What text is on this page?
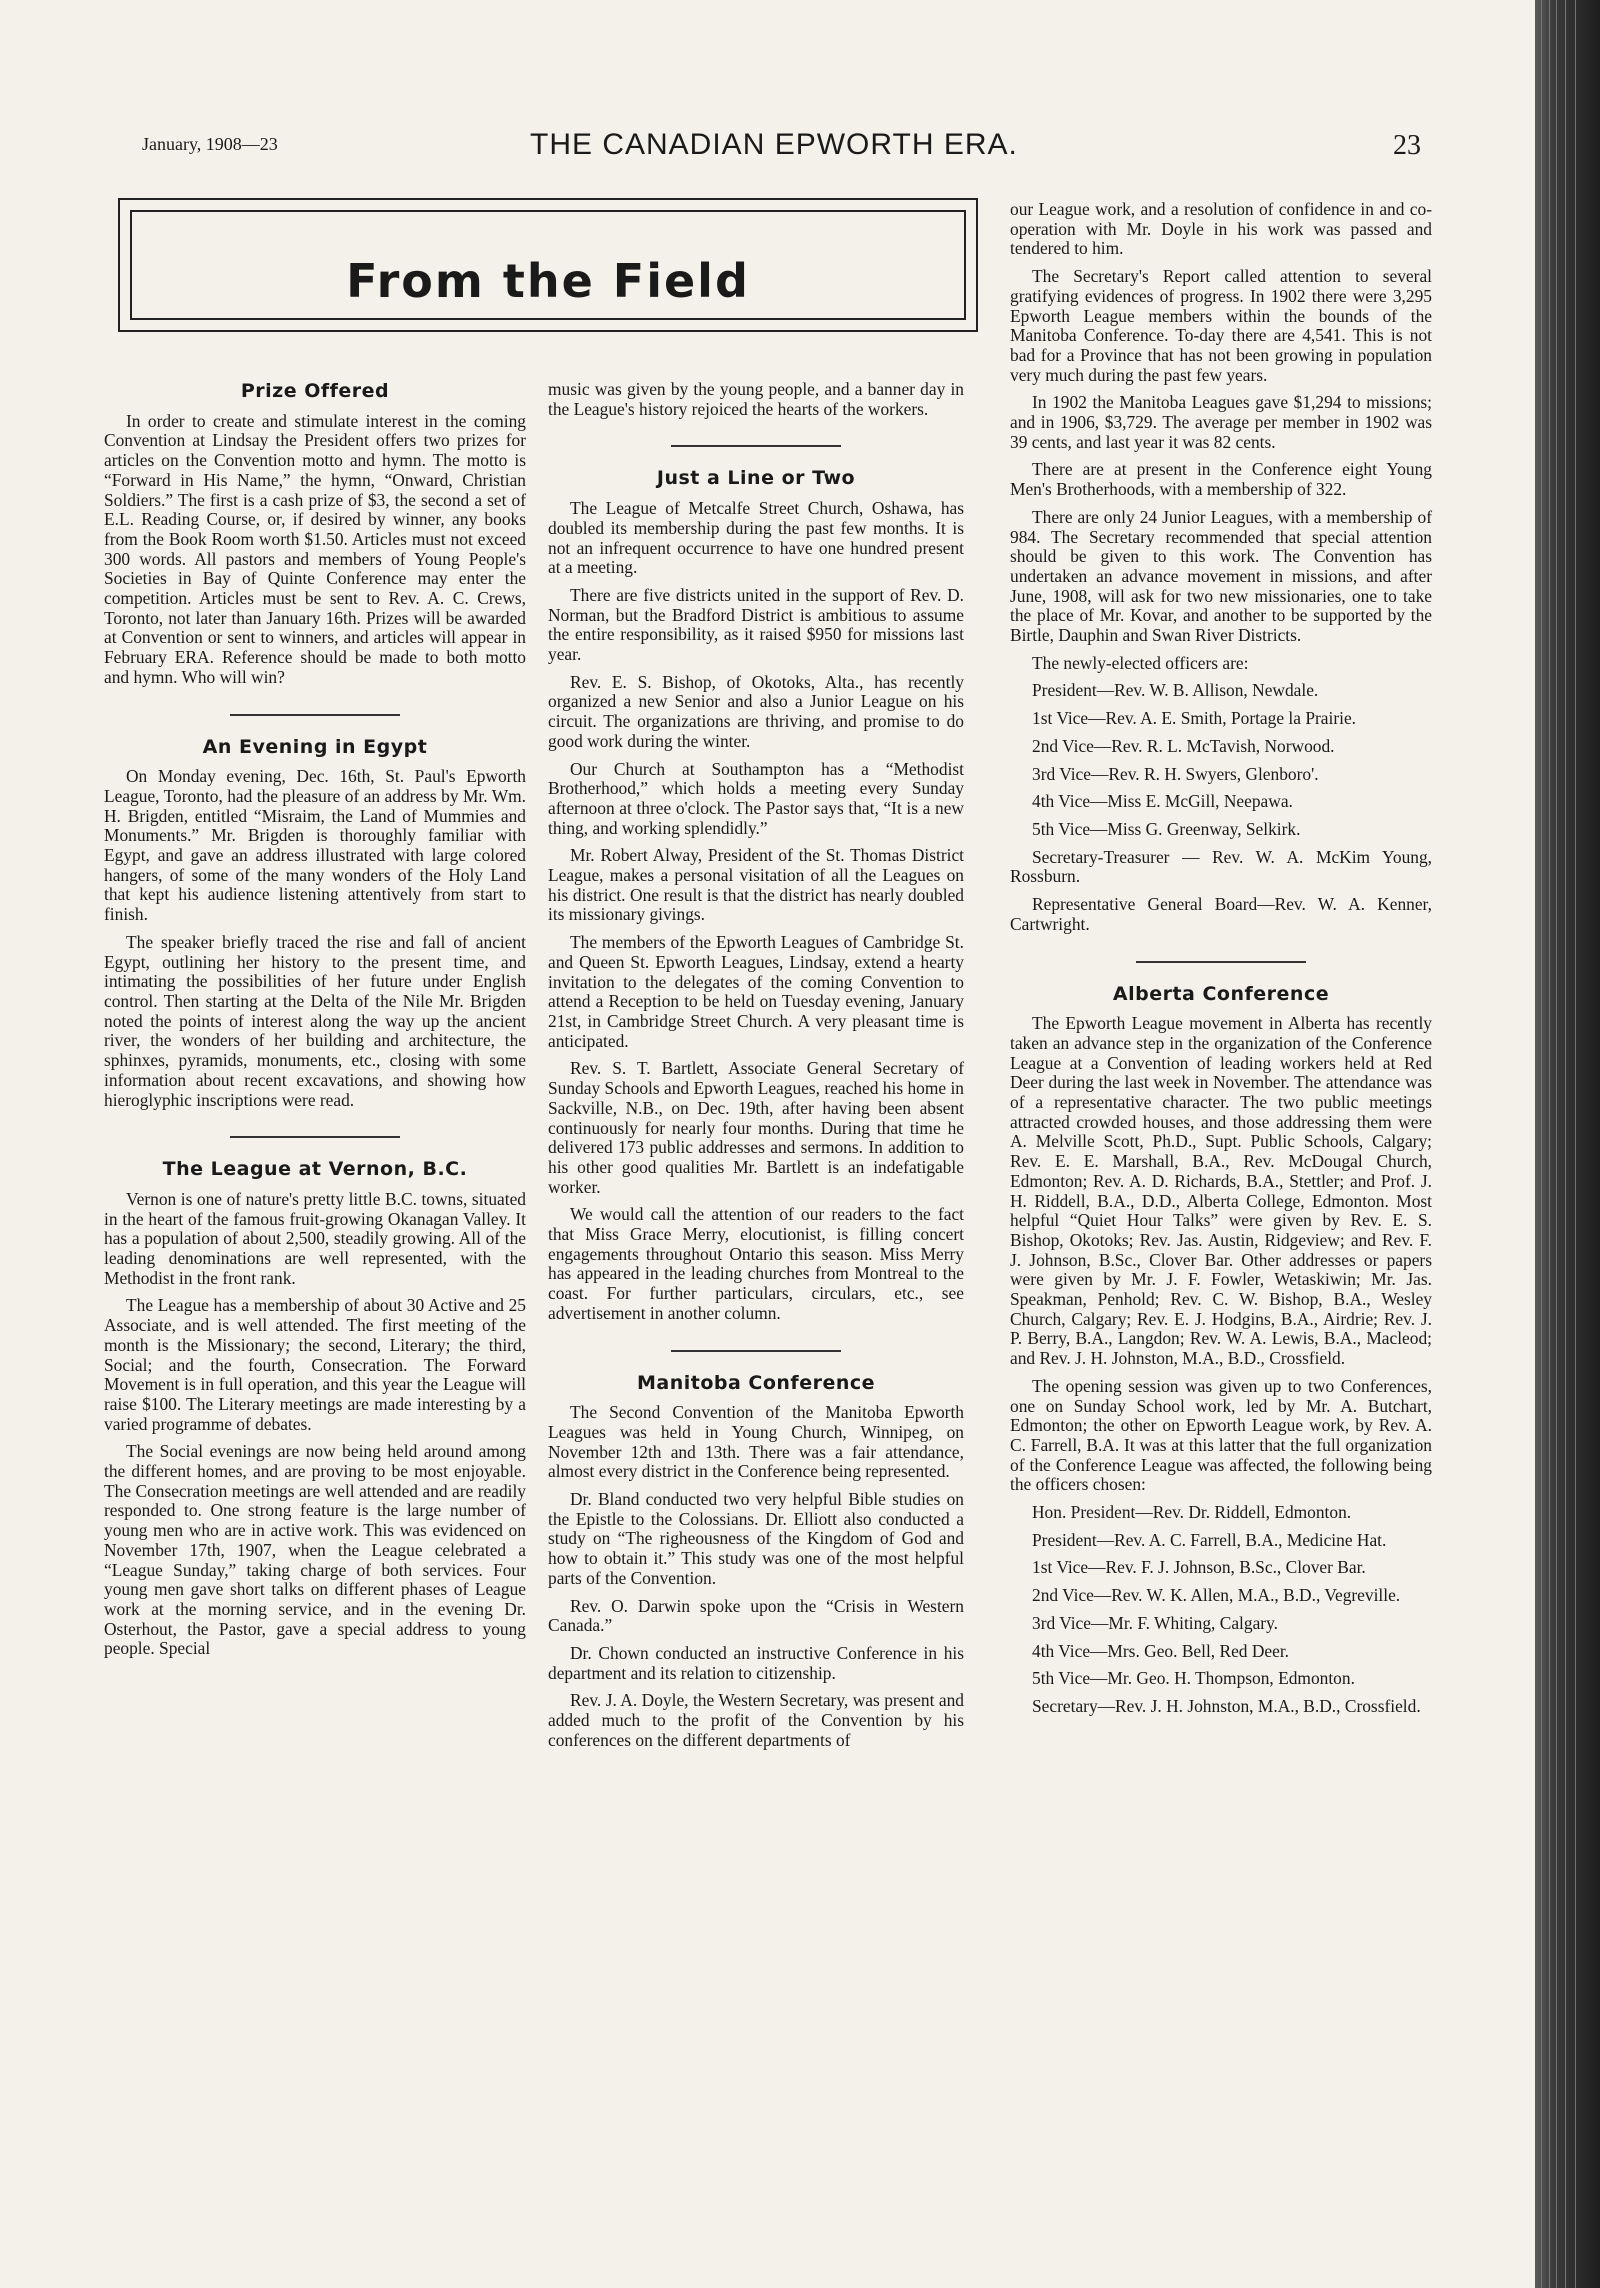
January, 1908—23	THE CANADIAN EPWORTH ERA.	23
From the Field
Prize Offered

In order to create and stimulate interest in the coming Convention at Lindsay the President offers two prizes for articles on the Convention motto and hymn. The motto is “Forward in His Name,” the hymn, “Onward, Christian Soldiers.” The first is a cash prize of $3, the second a set of E.L. Reading Course, or, if desired by winner, any books from the Book Room worth $1.50. Articles must not exceed 300 words. All pastors and members of Young People's Societies in Bay of Quinte Conference may enter the competition. Articles must be sent to Rev. A. C. Crews, Toronto, not later than January 16th. Prizes will be awarded at Convention or sent to winners, and articles will appear in February ERA. Reference should be made to both motto and hymn. Who will win?

An Evening in Egypt

On Monday evening, Dec. 16th, St. Paul's Epworth League, Toronto, had the pleasure of an address by Mr. Wm. H. Brigden, entitled “Misraim, the Land of Mummies and Monuments.” Mr. Brigden is thoroughly familiar with Egypt, and gave an address illustrated with large colored hangers, of some of the many wonders of the Holy Land that kept his audience listening attentively from start to finish.

The speaker briefly traced the rise and fall of ancient Egypt, outlining her history to the present time, and intimating the possibilities of her future under English control. Then starting at the Delta of the Nile Mr. Brigden noted the points of interest along the way up the ancient river, the wonders of her building and architecture, the sphinxes, pyramids, monuments, etc., closing with some information about recent excavations, and showing how hieroglyphic inscriptions were read.

The League at Vernon, B.C.

Vernon is one of nature's pretty little B.C. towns, situated in the heart of the famous fruit-growing Okanagan Valley. It has a population of about 2,500, steadily growing. All of the leading denominations are well represented, with the Methodist in the front rank.

The League has a membership of about 30 Active and 25 Associate, and is well attended. The first meeting of the month is the Missionary; the second, Literary; the third, Social; and the fourth, Consecration. The Forward Movement is in full operation, and this year the League will raise $100. The Literary meetings are made interesting by a varied programme of debates.

The Social evenings are now being held around among the different homes, and are proving to be most enjoyable. The Consecration meetings are well attended and are readily responded to. One strong feature is the large number of young men who are in active work. This was evidenced on November 17th, 1907, when the League celebrated a “League Sunday,” taking charge of both services. Four young men gave short talks on different phases of League work at the morning service, and in the evening Dr. Osterhout, the Pastor, gave a special address to young people. Special

music was given by the young people, and a banner day in the League's history rejoiced the hearts of the workers.

Just a Line or Two

The League of Metcalfe Street Church, Oshawa, has doubled its membership during the past few months. It is not an infrequent occurrence to have one hundred present at a meeting.

There are five districts united in the support of Rev. D. Norman, but the Bradford District is ambitious to assume the entire responsibility, as it raised $950 for missions last year.

Rev. E. S. Bishop, of Okotoks, Alta., has recently organized a new Senior and also a Junior League on his circuit. The organizations are thriving, and promise to do good work during the winter.

Our Church at Southampton has a “Methodist Brotherhood,” which holds a meeting every Sunday afternoon at three o'clock. The Pastor says that, “It is a new thing, and working splendidly.”

Mr. Robert Alway, President of the St. Thomas District League, makes a personal visitation of all the Leagues on his district. One result is that the district has nearly doubled its missionary givings.

The members of the Epworth Leagues of Cambridge St. and Queen St. Epworth Leagues, Lindsay, extend a hearty invitation to the delegates of the coming Convention to attend a Reception to be held on Tuesday evening, January 21st, in Cambridge Street Church. A very pleasant time is anticipated.

Rev. S. T. Bartlett, Associate General Secretary of Sunday Schools and Epworth Leagues, reached his home in Sackville, N.B., on Dec. 19th, after having been absent continuously for nearly four months. During that time he delivered 173 public addresses and sermons. In addition to his other good qualities Mr. Bartlett is an indefatigable worker.

We would call the attention of our readers to the fact that Miss Grace Merry, elocutionist, is filling concert engagements throughout Ontario this season. Miss Merry has appeared in the leading churches from Montreal to the coast. For further particulars, circulars, etc., see advertisement in another column.

Manitoba Conference

The Second Convention of the Manitoba Epworth Leagues was held in Young Church, Winnipeg, on November 12th and 13th. There was a fair attendance, almost every district in the Conference being represented.

Dr. Bland conducted two very helpful Bible studies on the Epistle to the Colossians. Dr. Elliott also conducted a study on “The righeousness of the Kingdom of God and how to obtain it.” This study was one of the most helpful parts of the Convention.

Rev. O. Darwin spoke upon the “Crisis in Western Canada.”

Dr. Chown conducted an instructive Conference in his department and its relation to citizenship.

Rev. J. A. Doyle, the Western Secretary, was present and added much to the profit of the Convention by his conferences on the different departments of

our League work, and a resolution of confidence in and co-operation with Mr. Doyle in his work was passed and tendered to him.

The Secretary's Report called attention to several gratifying evidences of progress. In 1902 there were 3,295 Epworth League members within the bounds of the Manitoba Conference. To-day there are 4,541. This is not bad for a Province that has not been growing in population very much during the past few years.

In 1902 the Manitoba Leagues gave $1,294 to missions; and in 1906, $3,729. The average per member in 1902 was 39 cents, and last year it was 82 cents.

There are at present in the Conference eight Young Men's Brotherhoods, with a membership of 322.

There are only 24 Junior Leagues, with a membership of 984. The Secretary recommended that special attention should be given to this work. The Convention has undertaken an advance movement in missions, and after June, 1908, will ask for two new missionaries, one to take the place of Mr. Kovar, and another to be supported by the Birtle, Dauphin and Swan River Districts.

The newly-elected officers are:

President—Rev. W. B. Allison, Newdale.

1st Vice—Rev. A. E. Smith, Portage la Prairie.

2nd Vice—Rev. R. L. McTavish, Norwood.

3rd Vice—Rev. R. H. Swyers, Glenboro'.

4th Vice—Miss E. McGill, Neepawa.

5th Vice—Miss G. Greenway, Selkirk.

Secretary-Treasurer — Rev. W. A. McKim Young, Rossburn.

Representative General Board—Rev. W. A. Kenner, Cartwright.

Alberta Conference

The Epworth League movement in Alberta has recently taken an advance step in the organization of the Conference League at a Convention of leading workers held at Red Deer during the last week in November. The attendance was of a representative character. The two public meetings attracted crowded houses, and those addressing them were A. Melville Scott, Ph.D., Supt. Public Schools, Calgary; Rev. E. E. Marshall, B.A., Rev. McDougal Church, Edmonton; Rev. A. D. Richards, B.A., Stettler; and Prof. J. H. Riddell, B.A., D.D., Alberta College, Edmonton. Most helpful “Quiet Hour Talks” were given by Rev. E. S. Bishop, Okotoks; Rev. Jas. Austin, Ridgeview; and Rev. F. J. Johnson, B.Sc., Clover Bar. Other addresses or papers were given by Mr. J. F. Fowler, Wetaskiwin; Mr. Jas. Speakman, Penhold; Rev. C. W. Bishop, B.A., Wesley Church, Calgary; Rev. E. J. Hodgins, B.A., Airdrie; Rev. J. P. Berry, B.A., Langdon; Rev. W. A. Lewis, B.A., Macleod; and Rev. J. H. Johnston, M.A., B.D., Crossfield.

The opening session was given up to two Conferences, one on Sunday School work, led by Mr. A. Butchart, Edmonton; the other on Epworth League work, by Rev. A. C. Farrell, B.A. It was at this latter that the full organization of the Conference League was affected, the following being the officers chosen:

Hon. President—Rev. Dr. Riddell, Edmonton.

President—Rev. A. C. Farrell, B.A., Medicine Hat.

1st Vice—Rev. F. J. Johnson, B.Sc., Clover Bar.

2nd Vice—Rev. W. K. Allen, M.A., B.D., Vegreville.

3rd Vice—Mr. F. Whiting, Calgary.

4th Vice—Mrs. Geo. Bell, Red Deer.

5th Vice—Mr. Geo. H. Thompson, Edmonton.

Secretary—Rev. J. H. Johnston, M.A., B.D., Crossfield.
